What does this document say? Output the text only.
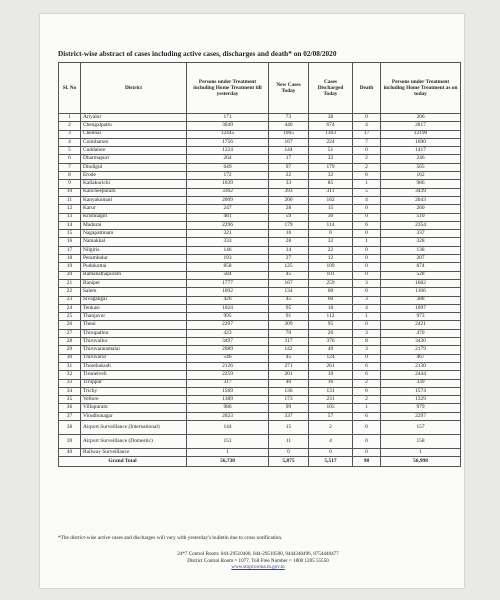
District-wise abstract of cases including active cases, discharges and death* on 02/08/2020
Sl. No	District	Persons under Treatment including Home Treatment till yesterday	New Cases Today	Cases Discharged Today	Death	Persons under Treatment including Home Treatment as on today
1	Ariyalur	171	73	38	0	206
2	Chengalpattu	3049	446	674	4	2817
3	Chennai	12445	1065	1303	17	12190
4	Coimbatore	1756	167	224	7	1690
5	Cuddalore	1324	144	51	0	1417
6	Dharmapuri	264	17	33	2	246
7	Dindigul	649	97	179	2	565
8	Erode	172	22	32	0	162
9	Kallakurichi	1039	33	85	1	986
10	Kancheepuram	3362	393	311	5	3439
11	Kanyakumari	2009	200	162	4	2043
12	Karur	247	28	15	0	260
13	Krishnagiri	481	59	30	0	510
14	Madurai	2296	179	114	6	2354
15	Nagapattinam	321	16	0	0	337
16	Namakkal	333	28	32	1	328
17	Nilgiris	146	14	22	0	138
18	Perambalur	193	27	12	0	207
19	Pudukottai	858	125	109	0	874
20	Ramanathapuram	584	45	101	0	528
21	Ranipet	1777	167	259	3	1682
22	Salem	1092	134	60	0	1166
23	Sivagangai	426	45	60	3	388
24	Tenkasi	1024	95	18	4	1097
25	Thanjavur	995	91	112	1	973
26	Theni	2207	309	95	0	2421
27	Thirupathur	423	70	20	3	470
28	Thiruvallur	3497	317	376	8	3430
29	Thiruvannamalai	2089	142	49	3	2179
30	Thiruvarur	546	45	124	0	467
31	Thoothukudi	2126	271	261	6	2130
32	Tirunelveli	2259	201	10	6	2444
33	Tiruppur	317	40	16	2	339
34	Trichy	1569	136	131	0	1574
35	Vellore	1389	173	231	2	1329
36	Villupuram	986	99	105	1	979
37	Virudhunagar	2023	337	57	6	2297
38	Airport Surveillance (International)	144	15	2	0	157
39	Airport Surveillance (Domestic)	151	11	4	0	158
40	Railway Surveillance	1	0	0	0	1
Grand Total		56,738	5,875	5,517	98	56,998
*The district-wise active cases and discharges will vary with yesterday's bulletin due to cross notification.
24*7 Control Room: 044-29510400, 044-29510500, 9444340496, 8754448477
District Control Room = 1077, Toll Free Number = 1800 1205 55550
www.stopcorona.tn.gov.in
